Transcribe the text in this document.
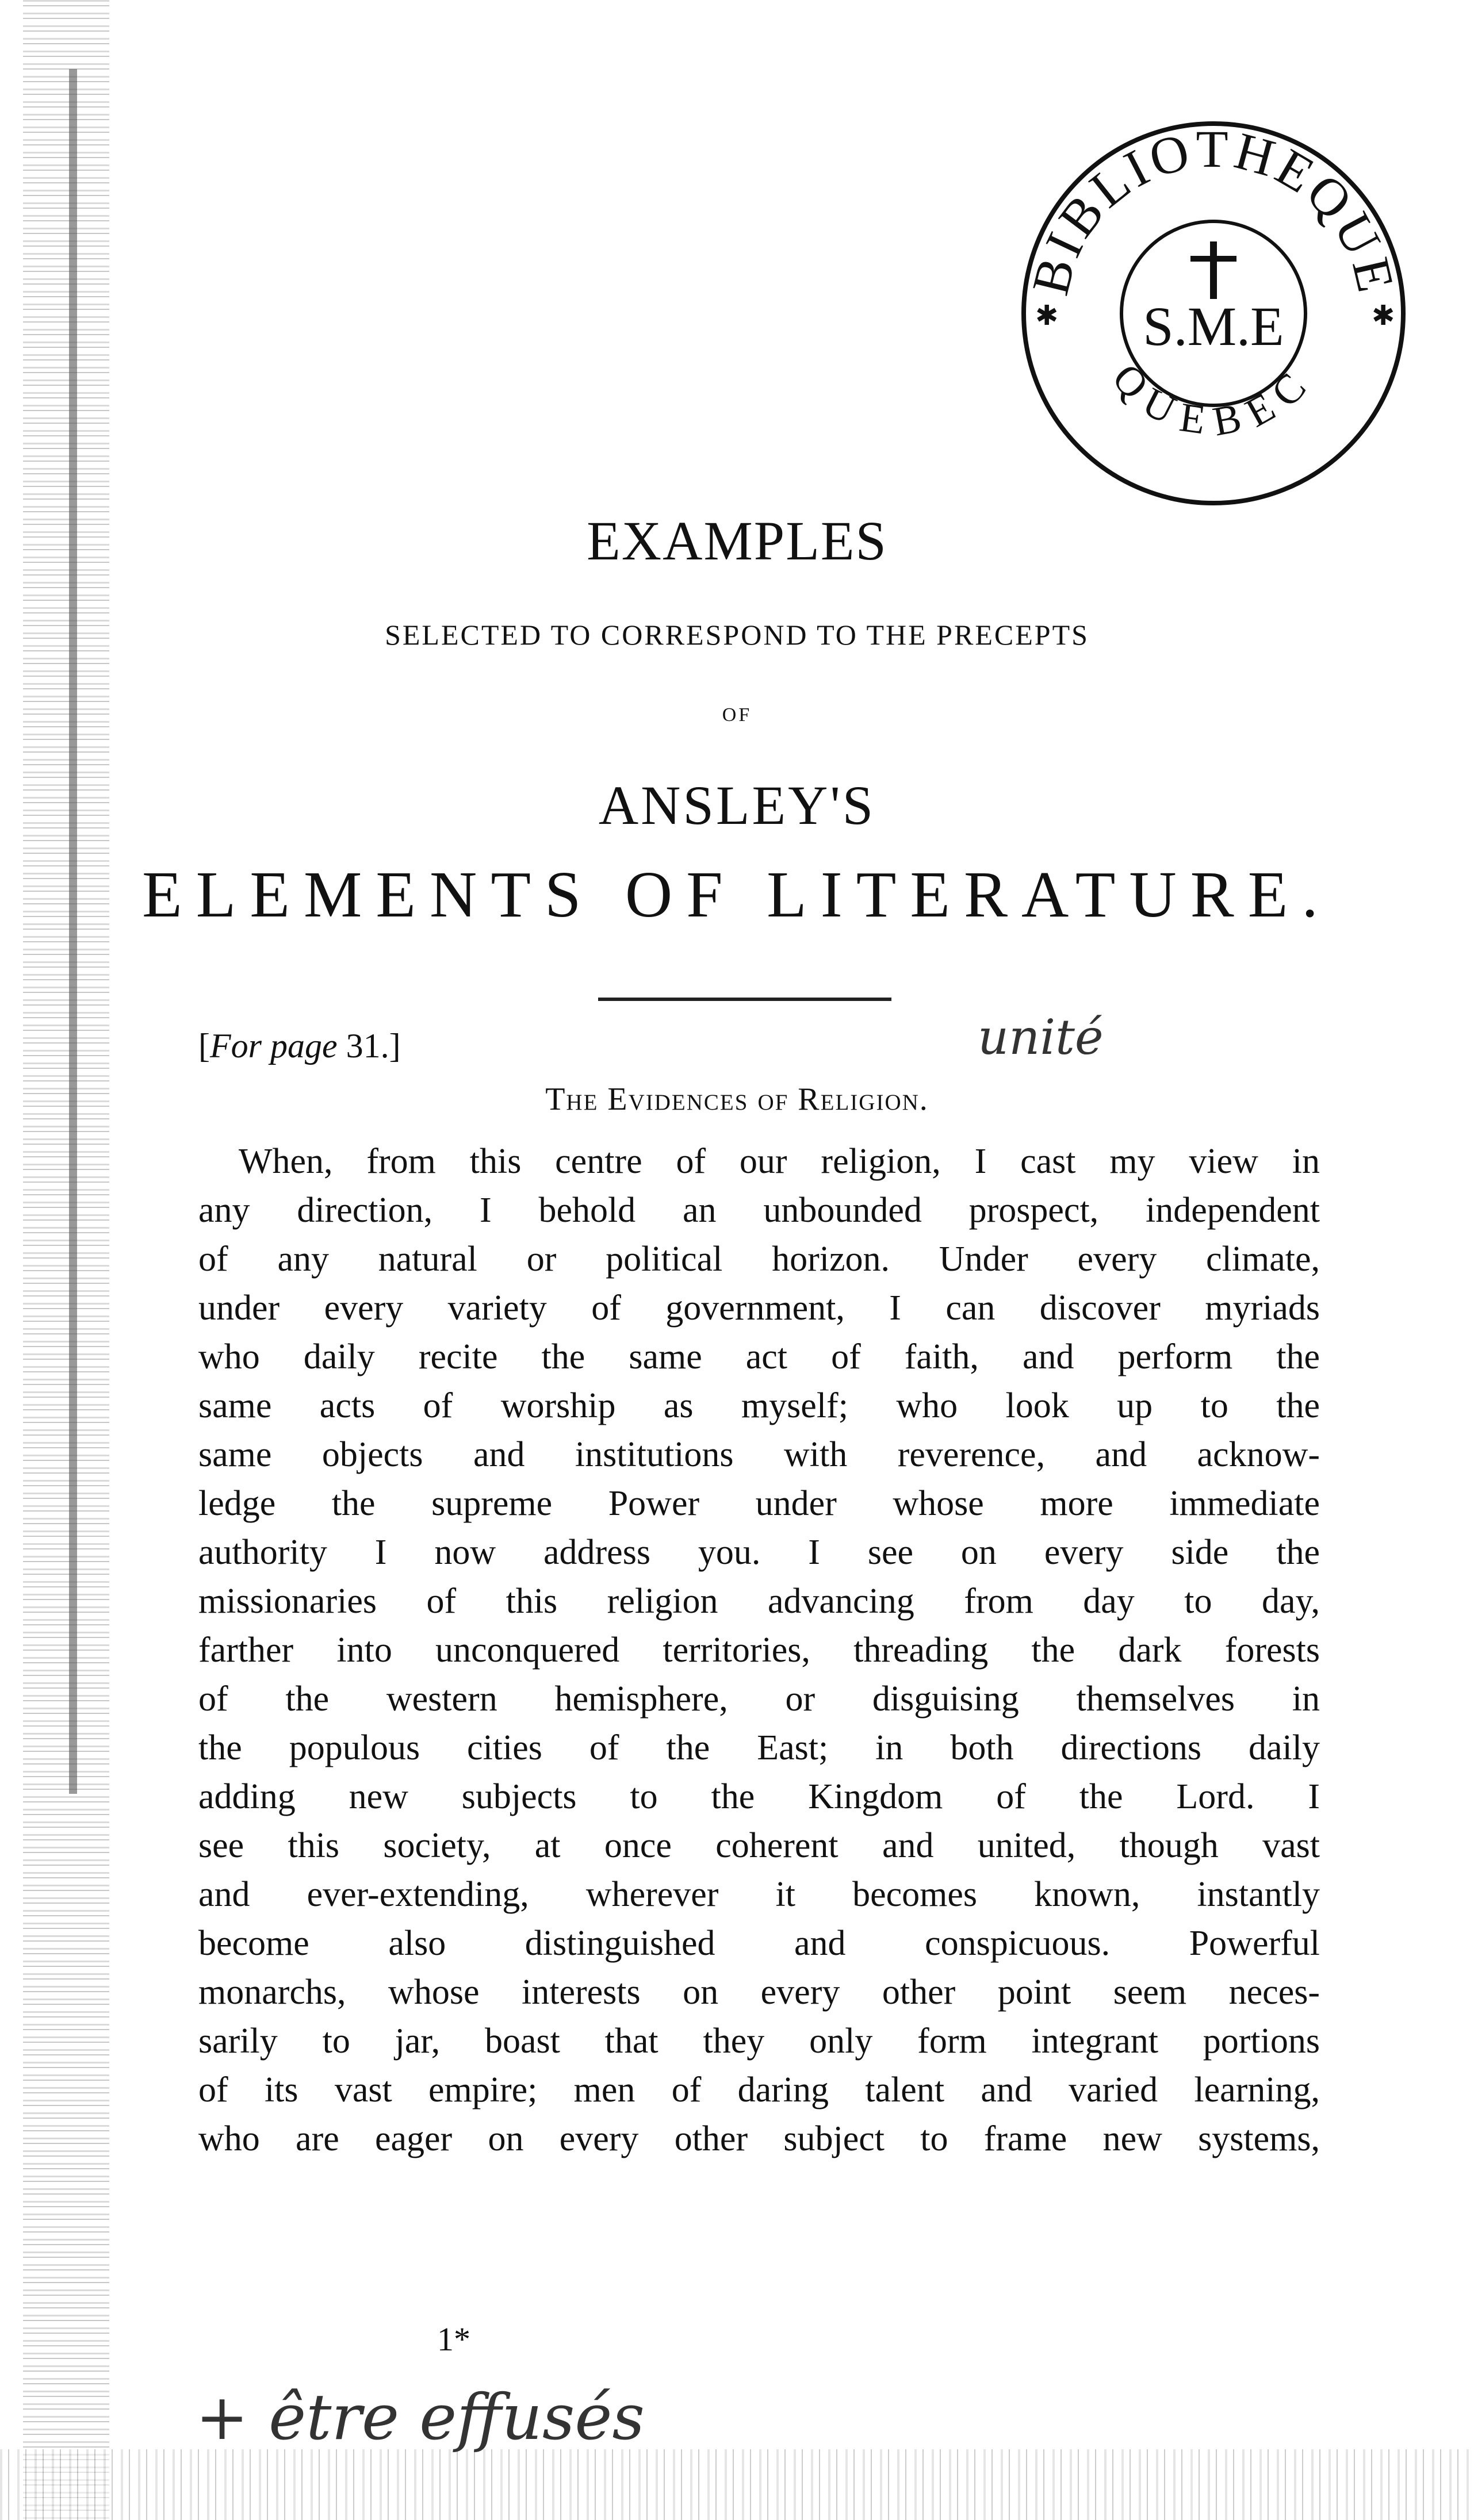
BIBLIOTHEQUE
QUEBEC
S.M.E
✱	✱
EXAMPLES
SELECTED TO CORRESPOND TO THE PRECEPTS
OF
ANSLEY'S
ELEMENTS OF LITERATURE.
[For page 31.]	unité
The Evidences of Religion.
When, from this centre of our religion, I cast my view in
any direction, I behold an unbounded prospect, independent
of any natural or political horizon. Under every climate,
under every variety of government, I can discover myriads
who daily recite the same act of faith, and perform the
same acts of worship as myself; who look up to the
same objects and institutions with reverence, and acknow-
ledge the supreme Power under whose more immediate
authority I now address you. I see on every side the
missionaries of this religion advancing from day to day,
farther into unconquered territories, threading the dark forests
of the western hemisphere, or disguising themselves in
the populous cities of the East; in both directions daily
adding new subjects to the Kingdom of the Lord. I
see this society, at once coherent and united, though vast
and ever-extending, wherever it becomes known, instantly
become also distinguished and conspicuous. Powerful
monarchs, whose interests on every other point seem neces-
sarily to jar, boast that they only form integrant portions
of its vast empire; men of daring talent and varied learning,
who are eager on every other subject to frame new systems,
1*
+ être effusés
